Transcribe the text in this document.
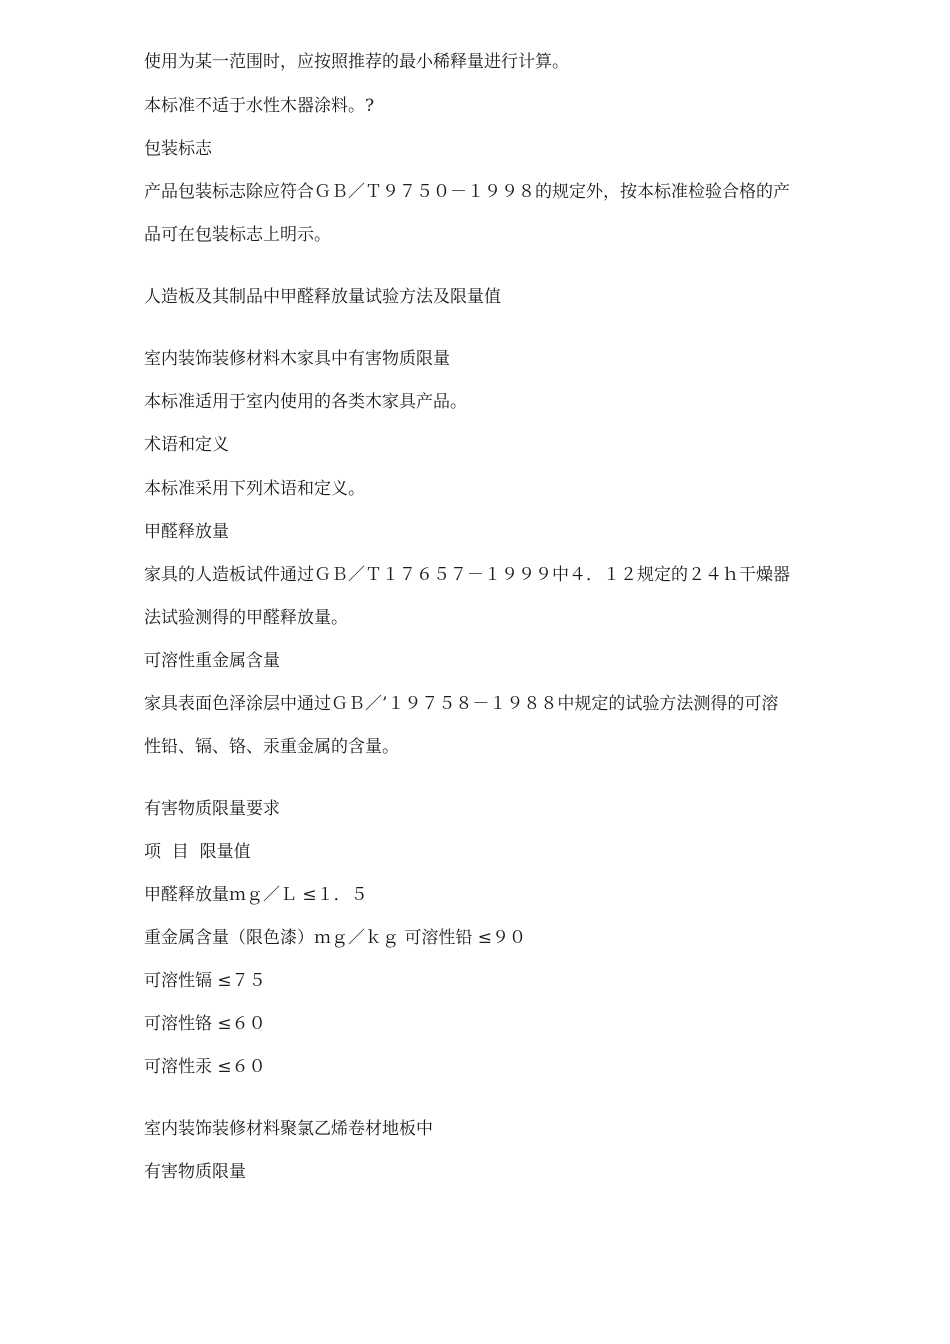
使用为某一范围时，应按照推荐的最小稀释量进行计算。
本标准不适于水性木器涂料。?
包装标志
产品包装标志除应符合ＧＢ／Ｔ９７５０－１９９８的规定外，按本标准检验合格的产
品可在包装标志上明示。
人造板及其制品中甲醛释放量试验方法及限量值
室内装饰装修材料木家具中有害物质限量
本标准适用于室内使用的各类木家具产品。
术语和定义
本标准采用下列术语和定义。
甲醛释放量
家具的人造板试件通过ＧＢ／Ｔ１７６５７－１９９９中４．１２规定的２４ｈ干燥器
法试验测得的甲醛释放量。
可溶性重金属含量
家具表面色泽涂层中通过ＧＢ／’１９７５８－１９８８中规定的试验方法测得的可溶
性铅、镉、铬、汞重金属的含量。
有害物质限量要求
项  目  限量值
甲醛释放量ｍｇ／Ｌ ≤１．５
重金属含量（限色漆）ｍｇ／ｋｇ 可溶性铅 ≤９０
可溶性镉 ≤７５
可溶性铬 ≤６０
可溶性汞 ≤６０
室内装饰装修材料聚氯乙烯卷材地板中
有害物质限量
